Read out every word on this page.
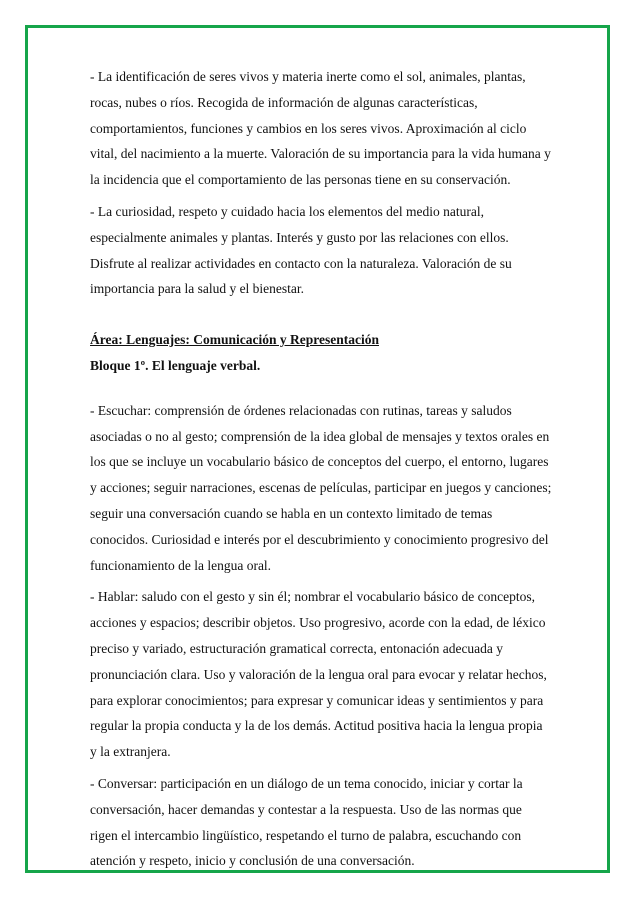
- La identificación de seres vivos y materia inerte como el sol, animales, plantas, rocas, nubes o ríos. Recogida de información de algunas características, comportamientos, funciones y cambios en los seres vivos. Aproximación al ciclo vital, del nacimiento a la muerte. Valoración de su importancia para la vida humana y la incidencia que el comportamiento de las personas tiene en su conservación.

- La curiosidad, respeto y cuidado hacia los elementos del medio natural, especialmente animales y plantas. Interés y gusto por las relaciones con ellos. Disfrute al realizar actividades en contacto con la naturaleza. Valoración de su importancia para la salud y el bienestar.

Área: Lenguajes: Comunicación y Representación

Bloque 1º. El lenguaje verbal.

- Escuchar: comprensión de órdenes relacionadas con rutinas, tareas y saludos asociadas o no al gesto; comprensión de la idea global de mensajes y textos orales en los que se incluye un vocabulario básico de conceptos del cuerpo, el entorno, lugares y acciones; seguir narraciones, escenas de películas, participar en juegos y canciones; seguir una conversación cuando se habla en un contexto limitado de temas conocidos. Curiosidad e interés por el descubrimiento y conocimiento progresivo del funcionamiento de la lengua oral.

- Hablar: saludo con el gesto y sin él; nombrar el vocabulario básico de conceptos, acciones y espacios; describir objetos. Uso progresivo, acorde con la edad, de léxico preciso y variado, estructuración gramatical correcta, entonación adecuada y pronunciación clara. Uso y valoración de la lengua oral para evocar y relatar hechos, para explorar conocimientos; para expresar y comunicar ideas y sentimientos y para regular la propia conducta y la de los demás. Actitud positiva hacia la lengua propia y la extranjera.

- Conversar: participación en un diálogo de un tema conocido, iniciar y cortar la conversación, hacer demandas y contestar a la respuesta. Uso de las normas que rigen el intercambio lingüístico, respetando el turno de palabra, escuchando con atención y respeto, inicio y conclusión de una conversación.
